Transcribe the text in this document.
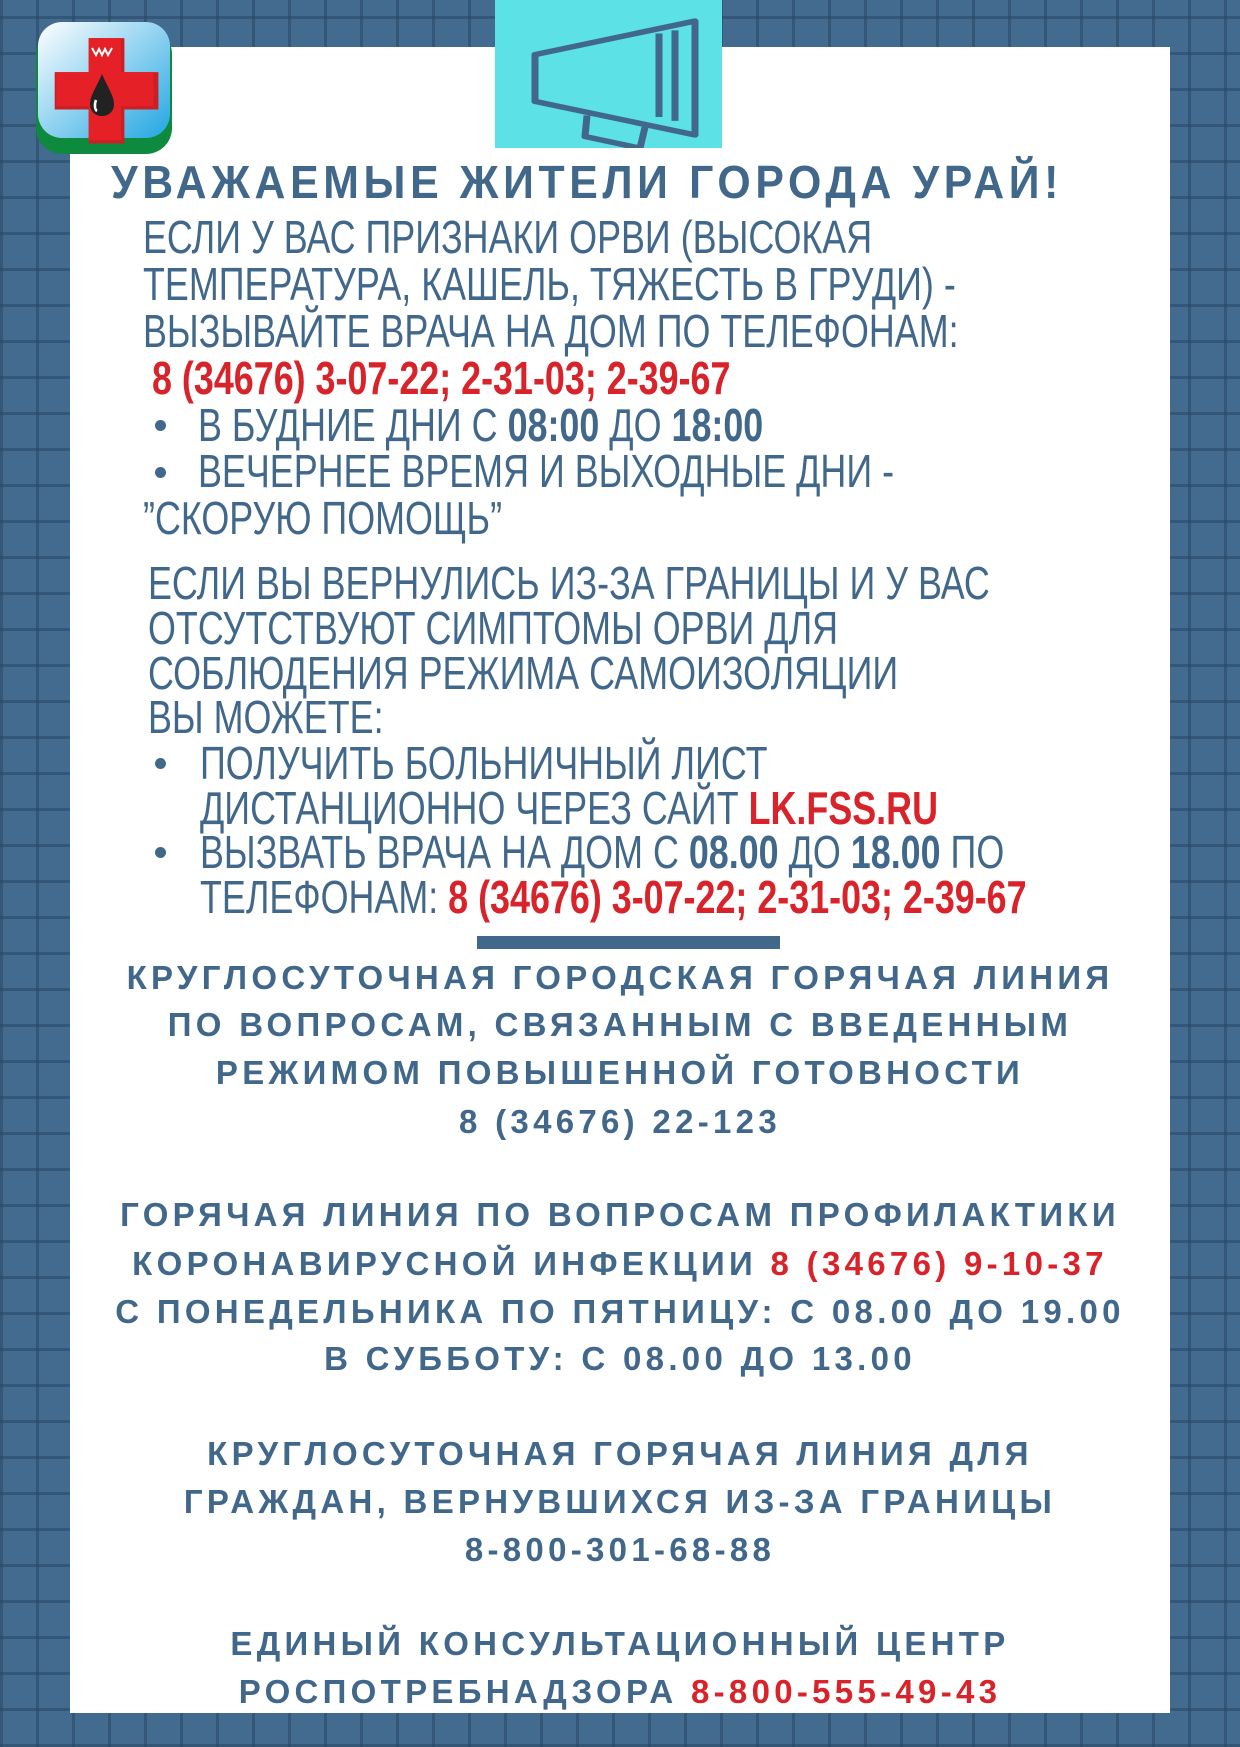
УВАЖАЕМЫЕ ЖИТЕЛИ ГОРОДА УРАЙ!
ЕСЛИ У ВАС ПРИЗНАКИ ОРВИ (ВЫСОКАЯ
ТЕМПЕРАТУРА, КАШЕЛЬ, ТЯЖЕСТЬ В ГРУДИ) -
ВЫЗЫВАЙТЕ ВРАЧА НА ДОМ ПО ТЕЛЕФОНАМ:
8 (34676) 3-07-22; 2-31-03; 2-39-67
В БУДНИЕ ДНИ С 08:00 ДО 18:00
ВЕЧЕРНЕЕ ВРЕМЯ И ВЫХОДНЫЕ ДНИ -
”СКОРУЮ ПОМОЩЬ”
ЕСЛИ ВЫ ВЕРНУЛИСЬ ИЗ-ЗА ГРАНИЦЫ И У ВАС
ОТСУТСТВУЮТ СИМПТОМЫ ОРВИ ДЛЯ
СОБЛЮДЕНИЯ РЕЖИМА САМОИЗОЛЯЦИИ
ВЫ МОЖЕТЕ:
ПОЛУЧИТЬ БОЛЬНИЧНЫЙ ЛИСТ
ДИСТАНЦИОННО ЧЕРЕЗ САЙТ LK.FSS.RU
ВЫЗВАТЬ ВРАЧА НА ДОМ С 08.00 ДО 18.00 ПО
ТЕЛЕФОНАМ: 8 (34676) 3-07-22; 2-31-03; 2-39-67
КРУГЛОСУТОЧНАЯ ГОРОДСКАЯ ГОРЯЧАЯ ЛИНИЯ
ПО ВОПРОСАМ, СВЯЗАННЫМ С ВВЕДЕННЫМ
РЕЖИМОМ ПОВЫШЕННОЙ ГОТОВНОСТИ
8 (34676) 22-123
ГОРЯЧАЯ ЛИНИЯ ПО ВОПРОСАМ ПРОФИЛАКТИКИ
КОРОНАВИРУСНОЙ ИНФЕКЦИИ 8 (34676) 9-10-37
С ПОНЕДЕЛЬНИКА ПО ПЯТНИЦУ: С 08.00 ДО 19.00
В СУББОТУ: С 08.00 ДО 13.00
КРУГЛОСУТОЧНАЯ ГОРЯЧАЯ ЛИНИЯ ДЛЯ
ГРАЖДАН, ВЕРНУВШИХСЯ ИЗ-ЗА ГРАНИЦЫ
8-800-301-68-88
ЕДИНЫЙ КОНСУЛЬТАЦИОННЫЙ ЦЕНТР
РОСПОТРЕБНАДЗОРА 8-800-555-49-43
